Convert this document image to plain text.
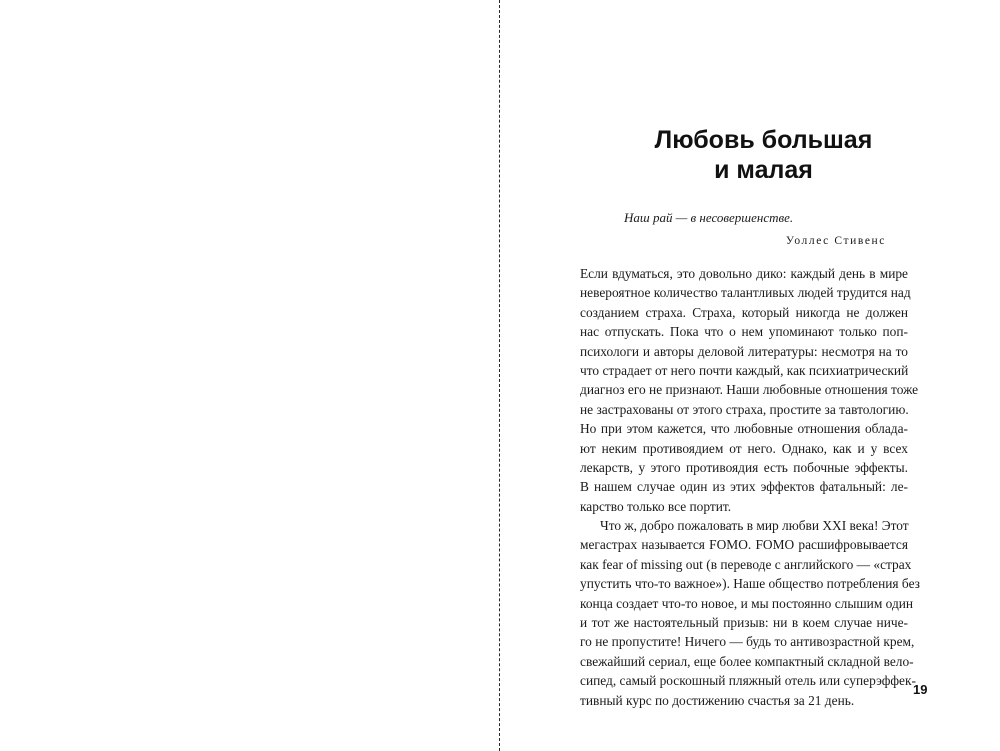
Любовь большая
и малая

Наш рай — в несовершенстве.

Уоллес Стивенс

Если вдуматься, это довольно дико: каждый день в мире
невероятное количество талантливых людей трудится над
созданием страха. Страха, который никогда не должен
нас отпускать. Пока что о нем упоминают только поп-
психологи и авторы деловой литературы: несмотря на то
что страдает от него почти каждый, как психиатрический
диагноз его не признают. Наши любовные отношения тоже
не застрахованы от этого страха, простите за тавтологию.
Но при этом кажется, что любовные отношения облада-
ют неким противоядием от него. Однако, как и у всех
лекарств, у этого противоядия есть побочные эффекты.
В нашем случае один из этих эффектов фатальный: ле-
карство только все портит.
Что ж, добро пожаловать в мир любви XXI века! Этот
мегастрах называется FOMO. FOMO расшифровывается
как fear of missing out (в переводе с английского — «страх
упустить что-то важное»). Наше общество потребления без
конца создает что-то новое, и мы постоянно слышим один
и тот же настоятельный призыв: ни в коем случае ниче-
го не пропустите! Ничего — будь то антивозрастной крем,
свежайший сериал, еще более компактный складной вело-
сипед, самый роскошный пляжный отель или суперэффек-
тивный курс по достижению счастья за 21 день.
19
